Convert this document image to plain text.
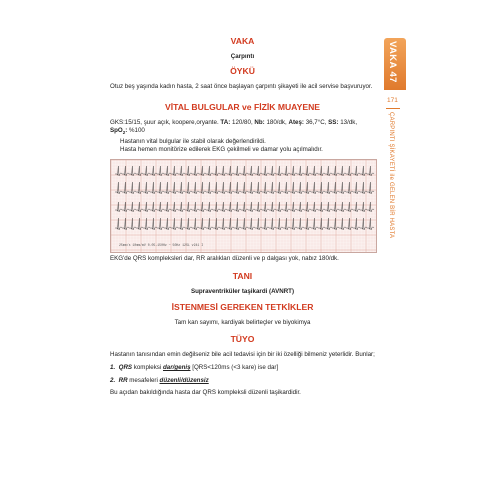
VAKA
Çarpıntı
ÖYKÜ

Otuz beş yaşında kadın hasta, 2 saat önce başlayan çarpıntı şikayeti ile acil servise başvuruyor.

VİTAL BULGULAR ve FİZİK MUAYENE

GKS:15/15, şuur açık, koopere,oryante. TA: 120/80, Nb: 180/dk, Ateş: 36,7°C, SS: 13/dk, SpO$_2$: %100

Hastanın vital bulgular ile stabil olarak değerlendirildi.

Hasta hemen monitörize edilerek EKG çekilmeli ve damar yolu açılmalıdır.

25mm/s 10mm/mV 0.05-150Hz ~ 50Hz 12SL v241 I

EKG'de QRS kompleksleri dar, RR aralıkları düzenli ve p dalgası yok, nabız 180/dk.

TANI
Supraventriküler taşikardi (AVNRT)
İSTENMESİ GEREKEN TETKİKLER
Tam kan sayımı, kardiyak belirteçler ve biyokimya
TÜYO

Hastanın tanısından emin değilseniz bile acil tedavisi için bir iki özelliği bilmeniz yeterlidir. Bunlar;

1. QRS kompleksi dar/geniş [QRS<120ms (<3 kare) ise dar]

2. RR mesafeleri düzenli/düzensiz

Bu açıdan bakıldığında hasta dar QRS kompleksli düzenli taşikardidir.

VAKA 47
171
ÇARPINTI ŞİKAYETİ ile GELEN BİR HASTA
